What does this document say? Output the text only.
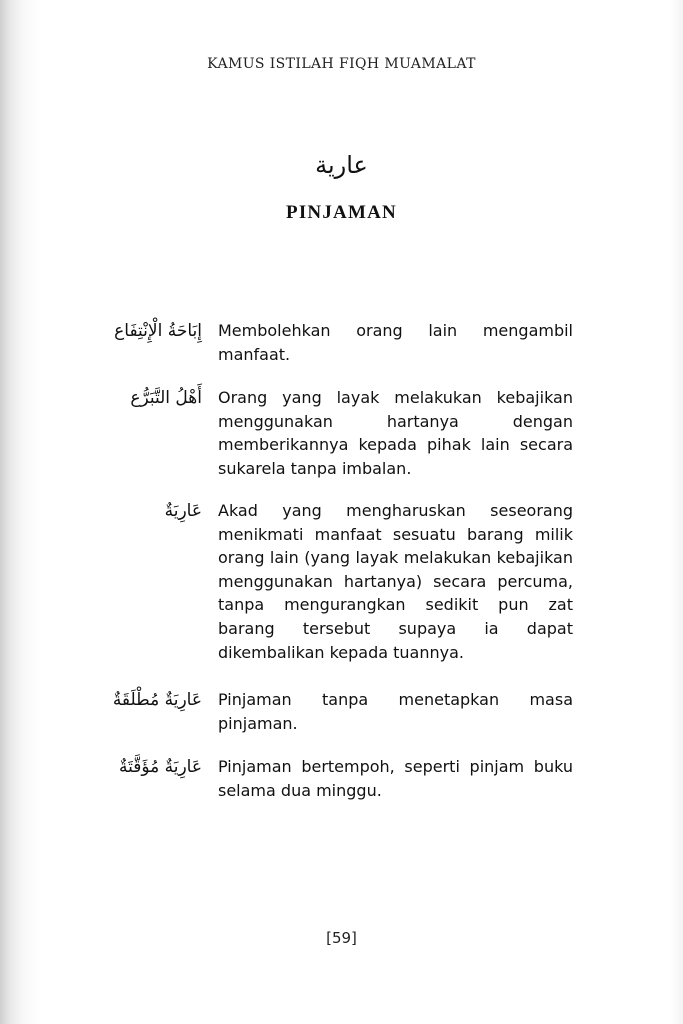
KAMUS ISTILAH FIQH MUAMALAT
عارية
PINJAMAN
إِبَاحَةُ الْإِنْتِفَاع Membolehkan orang lain mengambil manfaat.
أَهْلُ التَّبَرُّع Orang yang layak melakukan kebajikan menggunakan hartanya dengan memberikannya kepada pihak lain secara sukarela tanpa imbalan.
عَارِيَةٌ Akad yang mengharuskan seseorang menikmati manfaat sesuatu barang milik orang lain (yang layak melakukan kebajikan menggunakan hartanya) secara percuma, tanpa mengurangkan sedikit pun zat barang tersebut supaya ia dapat dikembalikan kepada tuannya.
عَارِيَةٌ مُطْلَقَةٌ Pinjaman tanpa menetapkan masa pinjaman.
عَارِيَةٌ مُؤَقَّتَةٌ Pinjaman bertempoh, seperti pinjam buku selama dua minggu.
[59]
